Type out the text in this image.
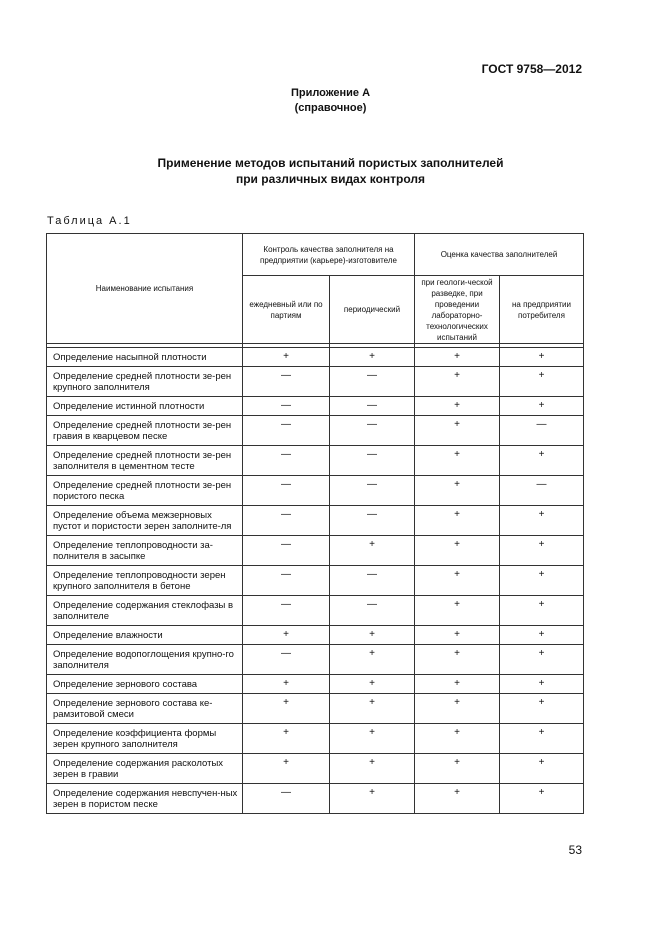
ГОСТ 9758—2012
Приложение А
(справочное)
Применение методов испытаний пористых заполнителей
при различных видах контроля
Таблица А.1
Наименование испытания	Контроль качества заполнителя на предприятии (карьере)-изготовителе		Оценка качества заполнителей	
	ежедневный или по партиям	периодический	при геологи-ческой разведке, при проведении лабораторно-технологических испытаний	на предприятии потребителя

Определение насыпной плотности	+	+	+	+
Определение средней плотности зе-рен крупного заполнителя	—	—	+	+
Определение истинной плотности	—	—	+	+
Определение средней плотности зе-рен гравия в кварцевом песке	—	—	+	—
Определение средней плотности зе-рен заполнителя в цементном тесте	—	—	+	+
Определение средней плотности зе-рен пористого песка	—	—	+	—
Определение объема межзерновых пустот и пористости зерен заполните-ля	—	—	+	+
Определение теплопроводности за-полнителя в засыпке	—	+	+	+
Определение теплопроводности зерен крупного заполнителя в бетоне	—	—	+	+
Определение содержания стеклофазы в заполнителе	—	—	+	+
Определение влажности	+	+	+	+
Определение водопоглощения крупно-го заполнителя	—	+	+	+
Определение зернового состава	+	+	+	+
Определение зернового состава ке-рамзитовой смеси	+	+	+	+
Определение коэффициента формы зерен крупного заполнителя	+	+	+	+
Определение содержания расколотых зерен в гравии	+	+	+	+
Определение содержания невспучен-ных зерен в пористом песке	—	+	+	+
53
